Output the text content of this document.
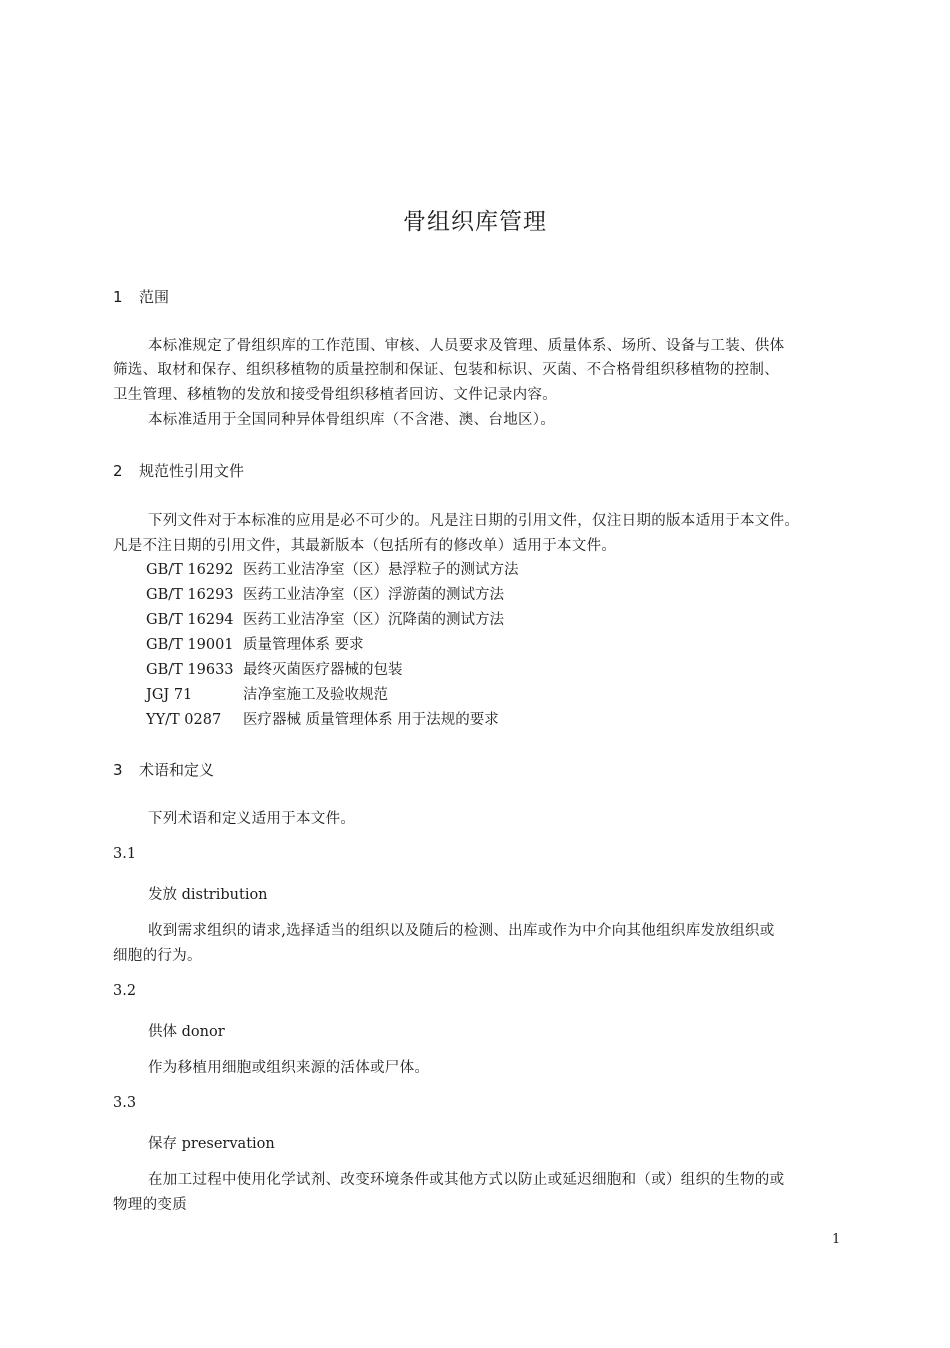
骨组织库管理
1 范围
本标准规定了骨组织库的工作范围、审核、人员要求及管理、质量体系、场所、设备与工装、供体
筛选、取材和保存、组织移植物的质量控制和保证、包装和标识、灭菌、不合格骨组织移植物的控制、
卫生管理、移植物的发放和接受骨组织移植者回访、文件记录内容。
本标准适用于全国同种异体骨组织库（不含港、澳、台地区）。
2 规范性引用文件
下列文件对于本标准的应用是必不可少的。凡是注日期的引用文件，仅注日期的版本适用于本文件。
凡是不注日期的引用文件，其最新版本（包括所有的修改单）适用于本文件。
GB/T 16292 医药工业洁净室（区）悬浮粒子的测试方法
GB/T 16293 医药工业洁净室（区）浮游菌的测试方法
GB/T 16294 医药工业洁净室（区）沉降菌的测试方法
GB/T 19001 质量管理体系 要求
GB/T 19633 最终灭菌医疗器械的包装
JGJ 71	洁净室施工及验收规范
YY/T 0287 医疗器械 质量管理体系 用于法规的要求
3 术语和定义
下列术语和定义适用于本文件。
3.1
发放 distribution
收到需求组织的请求,选择适当的组织以及随后的检测、出库或作为中介向其他组织库发放组织或
细胞的行为。
3.2
供体 donor
作为移植用细胞或组织来源的活体或尸体。
3.3
保存 preservation
在加工过程中使用化学试剂、改变环境条件或其他方式以防止或延迟细胞和（或）组织的生物的或
物理的变质
1
